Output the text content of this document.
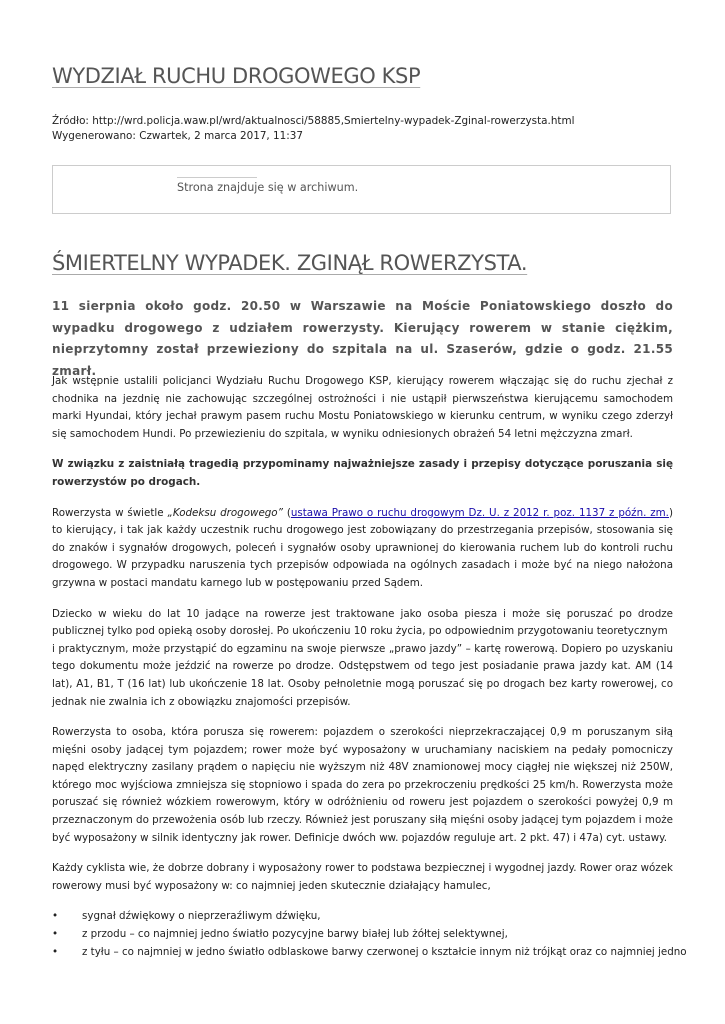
WYDZIAŁ RUCHU DROGOWEGO KSP
Źródło: http://wrd.policja.waw.pl/wrd/aktualnosci/58885,Smiertelny-wypadek-Zginal-rowerzysta.html
Wygenerowano: Czwartek, 2 marca 2017, 11:37
Strona znajduje się w archiwum.
ŚMIERTELNY WYPADEK. ZGINĄŁ ROWERZYSTA.

11 sierpnia około godz. 20.50 w Warszawie na Moście Poniatowskiego doszło do wypadku drogowego z udziałem rowerzysty. Kierujący rowerem w stanie ciężkim, nieprzytomny został przewieziony do szpitala na ul. Szaserów, gdzie o godz. 21.55 zmarł.

Jak wstępnie ustalili policjanci Wydziału Ruchu Drogowego KSP, kierujący rowerem włączając się do ruchu zjechał z chodnika na jezdnię nie zachowując szczególnej ostrożności i nie ustąpił pierwszeństwa kierującemu samochodem marki Hyundai, który jechał prawym pasem ruchu Mostu Poniatowskiego w kierunku centrum, w wyniku czego zderzył się samochodem Hundi. Po przewiezieniu do szpitala, w wyniku odniesionych obrażeń 54 letni mężczyzna zmarł.

W związku z zaistniałą tragedią przypominamy najważniejsze zasady i przepisy dotyczące poruszania się rowerzystów po drogach.

Rowerzysta w świetle „Kodeksu drogowego” (ustawa Prawo o ruchu drogowym Dz. U. z 2012 r. poz. 1137 z późn. zm.) to kierujący, i tak jak każdy uczestnik ruchu drogowego jest zobowiązany do przestrzegania przepisów, stosowania się do znaków i sygnałów drogowych, poleceń i sygnałów osoby uprawnionej do kierowania ruchem lub do kontroli ruchu drogowego. W przypadku naruszenia tych przepisów odpowiada na ogólnych zasadach i może być na niego nałożona grzywna w postaci mandatu karnego lub w postępowaniu przed Sądem.

Dziecko w wieku do lat 10 jadące na rowerze jest traktowane jako osoba piesza i może się poruszać po drodze publicznej tylko pod opieką osoby dorosłej. Po ukończeniu 10 roku życia, po odpowiednim przygotowaniu teoretycznym
i praktycznym, może przystąpić do egzaminu na swoje pierwsze „prawo jazdy” – kartę rowerową. Dopiero po uzyskaniu tego dokumentu może jeździć na rowerze po drodze. Odstępstwem od tego jest posiadanie prawa jazdy kat. AM (14 lat), A1, B1, T (16 lat) lub ukończenie 18 lat. Osoby pełnoletnie mogą poruszać się po drogach bez karty rowerowej, co jednak nie zwalnia ich z obowiązku znajomości przepisów.

Rowerzysta to osoba, która porusza się rowerem: pojazdem o szerokości nieprzekraczającej 0,9 m poruszanym siłą mięśni osoby jadącej tym pojazdem; rower może być wyposażony w uruchamiany naciskiem na pedały pomocniczy napęd elektryczny zasilany prądem o napięciu nie wyższym niż 48V znamionowej mocy ciągłej nie większej niż 250W, którego moc wyjściowa zmniejsza się stopniowo i spada do zera po przekroczeniu prędkości 25 km/h. Rowerzysta może poruszać się również wózkiem rowerowym, który w odróżnieniu od roweru jest pojazdem o szerokości powyżej 0,9 m przeznaczonym do przewożenia osób lub rzeczy. Również jest poruszany siłą mięśni osoby jadącej tym pojazdem i może być wyposażony w silnik identyczny jak rower. Definicje dwóch ww. pojazdów reguluje art. 2 pkt. 47) i 47a) cyt. ustawy.

Każdy cyklista wie, że dobrze dobrany i wyposażony rower to podstawa bezpiecznej i wygodnej jazdy. Rower oraz wózek rowerowy musi być wyposażony w: co najmniej jeden skutecznie działający hamulec,

• sygnał dźwiękowy o nieprzeraźliwym dźwięku,
• z przodu – co najmniej jedno światło pozycyjne barwy białej lub żółtej selektywnej,
• z tyłu – co najmniej w jedno światło odblaskowe barwy czerwonej o kształcie innym niż trójkąt oraz co najmniej jedno
